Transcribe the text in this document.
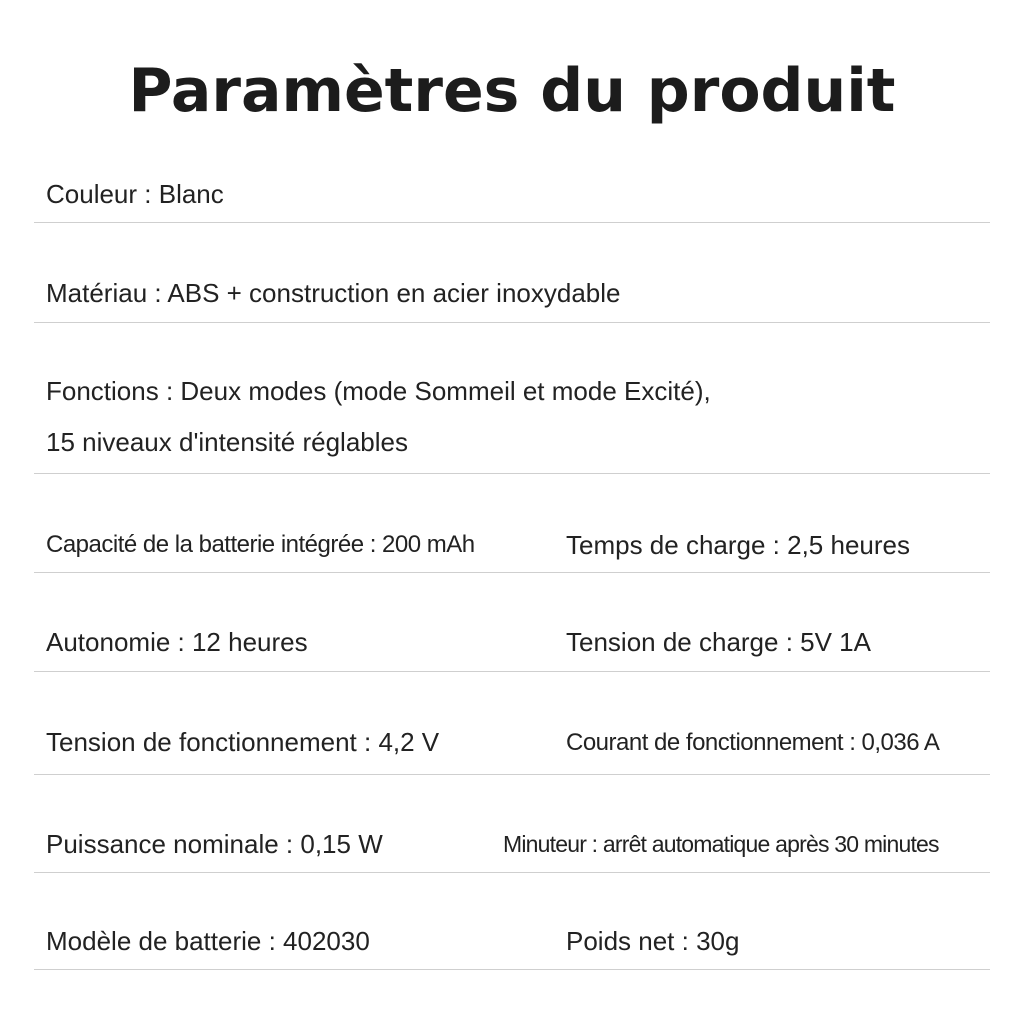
Paramètres du produit
Couleur : Blanc
Matériau : ABS + construction en acier inoxydable
Fonctions : Deux modes (mode Sommeil et mode Excité),
15 niveaux d'intensité réglables
Capacité de la batterie intégrée : 200 mAh	Temps de charge : 2,5 heures
Autonomie : 12 heures	Tension de charge : 5V 1A
Tension de fonctionnement : 4,2 V	Courant de fonctionnement : 0,036 A
Puissance nominale : 0,15 W	Minuteur : arrêt automatique après 30 minutes
Modèle de batterie : 402030	Poids net : 30g
